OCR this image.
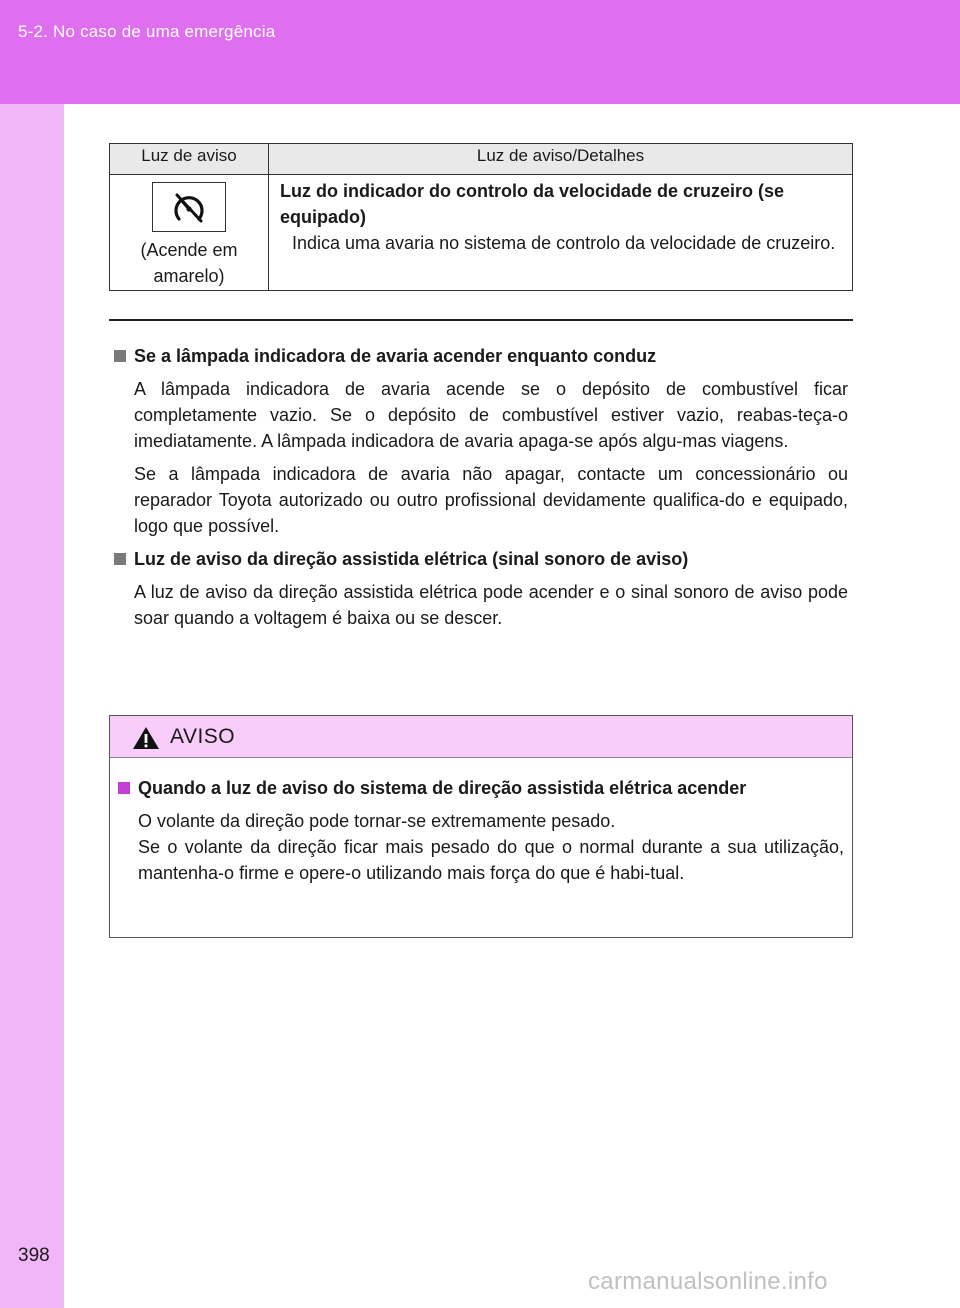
5-2. No caso de uma emergência
Luz de aviso	Luz de aviso/Detalhes
(Acende em amarelo)
Luz do indicador do controlo da velocidade de cruzeiro (se equipado)
Indica uma avaria no sistema de controlo da velocidade de cruzeiro.
Se a lâmpada indicadora de avaria acender enquanto conduz
A lâmpada indicadora de avaria acende se o depósito de combustível ficar completamente vazio. Se o depósito de combustível estiver vazio, reabas-teça-o imediatamente. A lâmpada indicadora de avaria apaga-se após algu-mas viagens.
Se a lâmpada indicadora de avaria não apagar, contacte um concessionário ou reparador Toyota autorizado ou outro profissional devidamente qualifica-do e equipado, logo que possível.
Luz de aviso da direção assistida elétrica (sinal sonoro de aviso)
A luz de aviso da direção assistida elétrica pode acender e o sinal sonoro de aviso pode soar quando a voltagem é baixa ou se descer.
AVISO
Quando a luz de aviso do sistema de direção assistida elétrica acender
O volante da direção pode tornar-se extremamente pesado.
Se o volante da direção ficar mais pesado do que o normal durante a sua utilização, mantenha-o firme e opere-o utilizando mais força do que é habi-tual.
398
carmanualsonline.info
